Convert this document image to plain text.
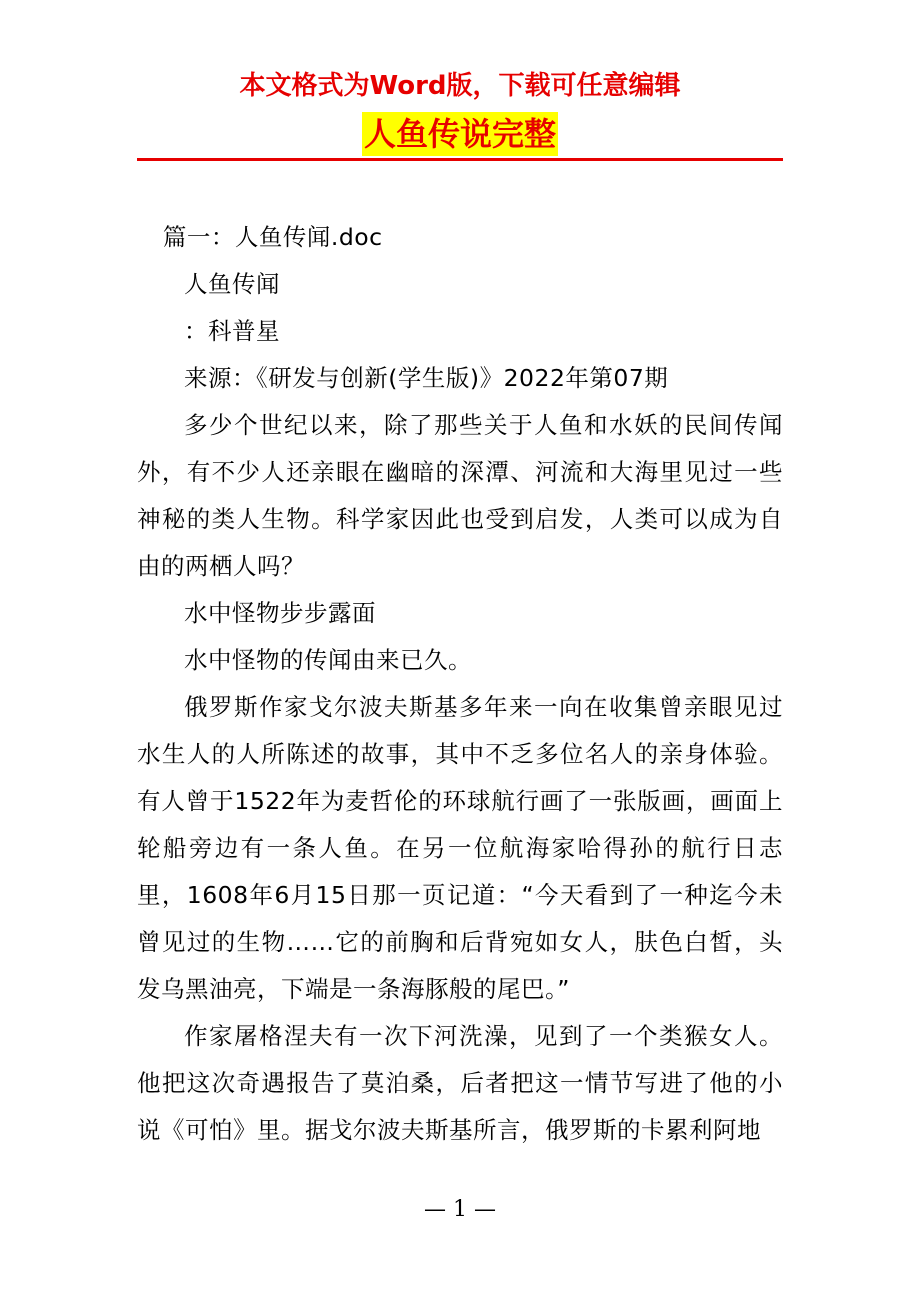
本文格式为Word版，下载可任意编辑
人鱼传说完整

篇一：人鱼传闻.doc

人鱼传闻

：科普星

来源：《研发与创新(学生版)》2022年第07期

多少个世纪以来，除了那些关于人鱼和水妖的民间传闻外，有不少人还亲眼在幽暗的深潭、河流和大海里见过一些神秘的类人生物。科学家因此也受到启发，人类可以成为自由的两栖人吗？

水中怪物步步露面

水中怪物的传闻由来已久。

俄罗斯作家戈尔波夫斯基多年来一向在收集曾亲眼见过水生人的人所陈述的故事，其中不乏多位名人的亲身体验。有人曾于1522年为麦哲伦的环球航行画了一张版画，画面上轮船旁边有一条人鱼。在另一位航海家哈得孙的航行日志里，1608年6月15日那一页记道：“今天看到了一种迄今未曾见过的生物……它的前胸和后背宛如女人，肤色白皙，头发乌黑油亮，下端是一条海豚般的尾巴。”

作家屠格涅夫有一次下河洗澡，见到了一个类猴女人。他把这次奇遇报告了莫泊桑，后者把这一情节写进了他的小说《可怕》里。据戈尔波夫斯基所言，俄罗斯的卡累利阿地

— 1 —
